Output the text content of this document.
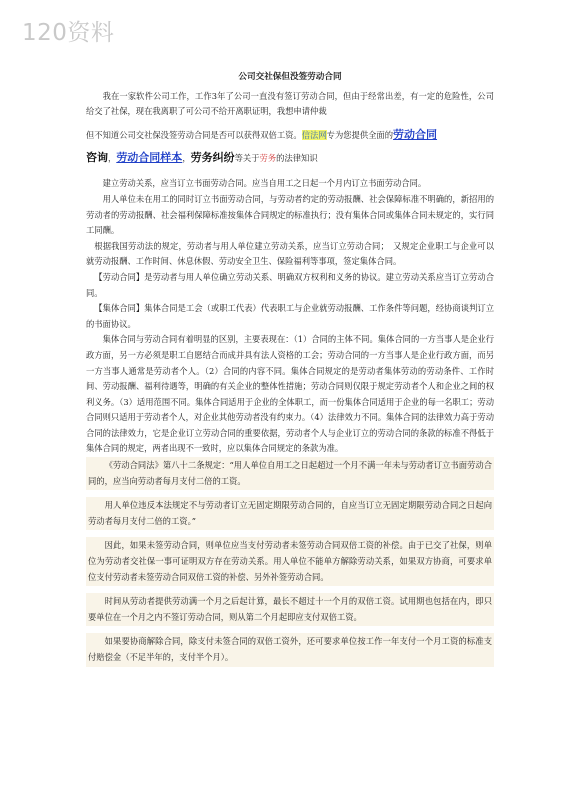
120资料
公司交社保但没签劳动合同

我在一家软件公司工作，工作3年了公司一直没有签订劳动合同，但由于经常出差，有一定的危险性，公司给交了社保，现在我离职了可公司不给开离职证明，我想申请仲裁

但不知道公司交社保没签劳动合同是否可以获得双倍工资。信法网专为您提供全面的劳动合同

咨询，劳动合同样本，劳务纠纷等关于劳务的法律知识

建立劳动关系，应当订立书面劳动合同。应当自用工之日起一个月内订立书面劳动合同。

用人单位未在用工的同时订立书面劳动合同，与劳动者约定的劳动报酬、社会保障标准不明确的，新招用的劳动者的劳动报酬、社会福利保障标准按集体合同规定的标准执行；没有集体合同或集体合同未规定的，实行同工同酬。

根据我国劳动法的规定，劳动者与用人单位建立劳动关系，应当订立劳动合同；　又规定企业职工与企业可以就劳动报酬、工作时间、休息休假、劳动安全卫生、保险福利等事项，签定集体合同。

【劳动合同】是劳动者与用人单位确立劳动关系、明确双方权利和义务的协议。建立劳动关系应当订立劳动合同。

【集体合同】集体合同是工会（或职工代表）代表职工与企业就劳动报酬、工作条件等问题，经协商谈判订立的书面协议。

集体合同与劳动合同有着明显的区别，主要表现在：（1）合同的主体不同。集体合同的一方当事人是企业行政方面，另一方必须是职工自愿结合而成并具有法人资格的工会；劳动合同的一方当事人是企业行政方面，而另一方当事人通常是劳动者个人。（2）合同的内容不同。集体合同规定的是劳动者集体劳动的劳动条件、工作时间、劳动报酬、福利待遇等，明确的有关企业的整体性措施；劳动合同则仅限于规定劳动者个人和企业之间的权利义务。（3）适用范围不同。集体合同适用于企业的全体职工，而一份集体合同适用于企业的每一名职工；劳动合同则只适用于劳动者个人，对企业其他劳动者没有约束力。（4）法律效力不同。集体合同的法律效力高于劳动合同的法律效力，它是企业订立劳动合同的重要依据，劳动者个人与企业订立的劳动合同的条款的标准不得低于集体合同的规定，两者出现不一致时，应以集体合同规定的条款为准。

《劳动合同法》第八十二条规定：“用人单位自用工之日起超过一个月不满一年未与劳动者订立书面劳动合同的，应当向劳动者每月支付二倍的工资。

用人单位违反本法规定不与劳动者订立无固定期限劳动合同的，自应当订立无固定期限劳动合同之日起向劳动者每月支付二倍的工资。”

因此，如果未签劳动合同，则单位应当支付劳动者未签劳动合同双倍工资的补偿。由于已交了社保，则单位为劳动者交社保一事可证明双方存在劳动关系。用人单位不能单方解除劳动关系，如果双方协商，可要求单位支付劳动者未签劳动合同双倍工资的补偿、另外补签劳动合同。

时间从劳动者提供劳动满一个月之后起计算，最长不超过十一个月的双倍工资。试用期也包括在内，即只要单位在一个月之内不签订劳动合同，则从第二个月起即应支付双倍工资。

如果要协商解除合同，除支付未签合同的双倍工资外，还可要求单位按工作一年支付一个月工资的标准支付赔偿金（不足半年的，支付半个月）。
